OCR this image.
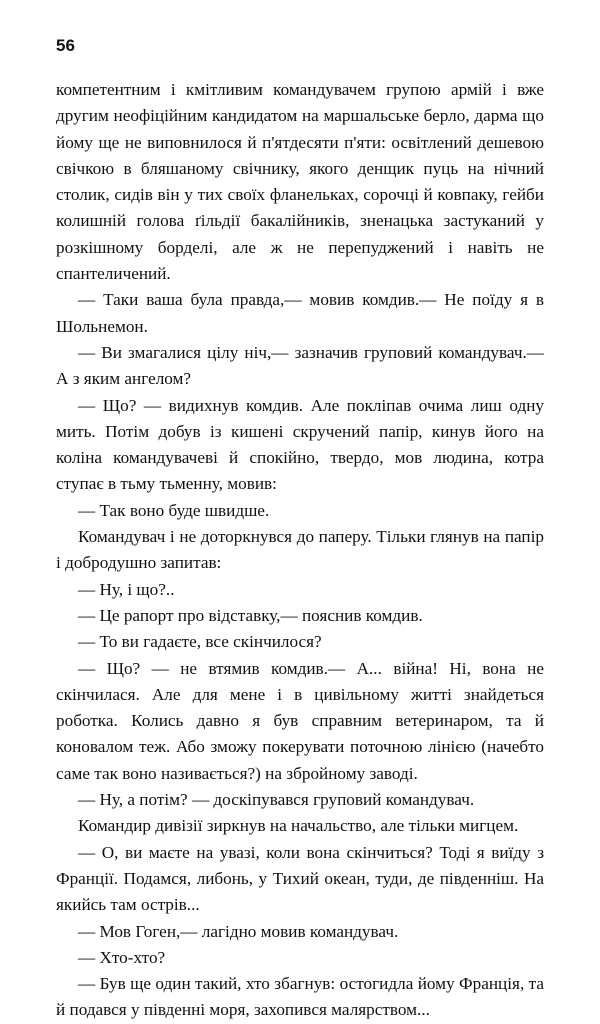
56

компетентним і кмітливим командувачем групою армій і вже другим неофіційним кандидатом на маршальське берло, дарма що йому ще не виповнилося й п'ятдесяти п'яти: освітлений дешевою свічкою в бляшаному свічнику, якого денщик пуць на нічний столик, сидів він у тих своїх фланельках, сорочці й ковпаку, гейби колишній голова ґільдії бакалійників, зненацька застуканий у розкішному борделі, але ж не перепуджений і навіть не спантеличений.

— Таки ваша була правда,— мовив комдив.— Не поїду я в Шольнемон.

— Ви змагалися цілу ніч,— зазначив груповий командувач.— А з яким ангелом?

— Що? — видихнув комдив. Але покліпав очима лиш одну мить. Потім добув із кишені скручений папір, кинув його на коліна командувачеві й спокійно, твердо, мов людина, котра ступає в тьму тьменну, мовив:

— Так воно буде швидше.

Командувач і не доторкнувся до паперу. Тільки глянув на папір і добродушно запитав:

— Ну, і що?..

— Це рапорт про відставку,— пояснив комдив.

— То ви гадаєте, все скінчилося?

— Що? — не втямив комдив.— А... війна! Ні, вона не скінчилася. Але для мене і в цивільному житті знайдеться роботка. Колись давно я був справним ветеринаром, та й коновалом теж. Або зможу покерувати поточною лінією (начебто саме так воно називається?) на збройному заводі.

— Ну, а потім? — доскіпувався груповий командувач.

Командир дивізії зиркнув на начальство, але тільки мигцем.

— О, ви маєте на увазі, коли вона скінчиться? Тоді я виїду з Франції. Подамся, либонь, у Тихий океан, туди, де південніш. На якийсь там острів...

— Мов Гоген,— лагідно мовив командувач.

— Хто-хто?

— Був ще один такий, хто збагнув: остогидла йому Франція, та й подався у південні моря, захопився малярством...
